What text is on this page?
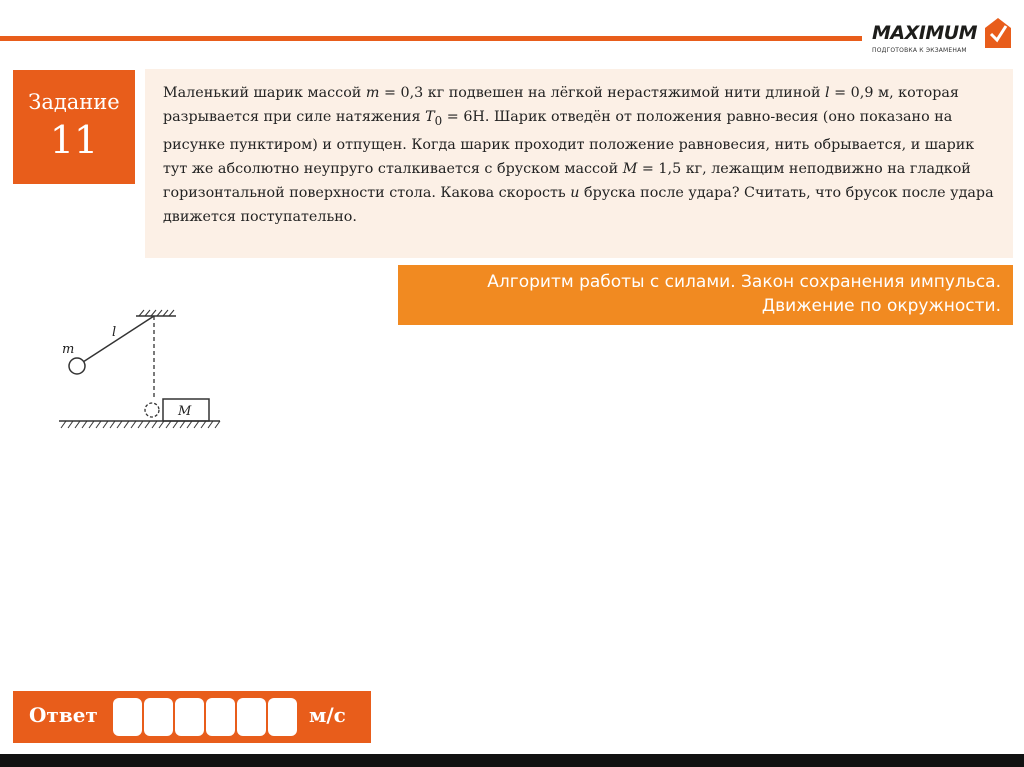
MAXIMUM
ПОДГОТОВКА К ЭКЗАМЕНАМ
Задание
11

Маленький шарик массой m = 0,3 кг подвешен на лёгкой нерастяжимой нити длиной l = 0,9 м, которая разрывается при силе натяжения $T_0 = 6Н$. Шарик отведён от положения равно-весия (оно показано на рисунке пунктиром) и отпущен. Когда шарик проходит положение равновесия, нить обрывается, и шарик тут же абсолютно неупруго сталкивается с бруском массой M = 1,5 кг, лежащим неподвижно на гладкой горизонтальной поверхности стола. Какова скорость u бруска после удара? Считать, что брусок после удара движется поступательно.

Алгоритм работы с силами. Закон сохранения импульса.
Движение по окружности.
m
l
M
Ответ	м/с
